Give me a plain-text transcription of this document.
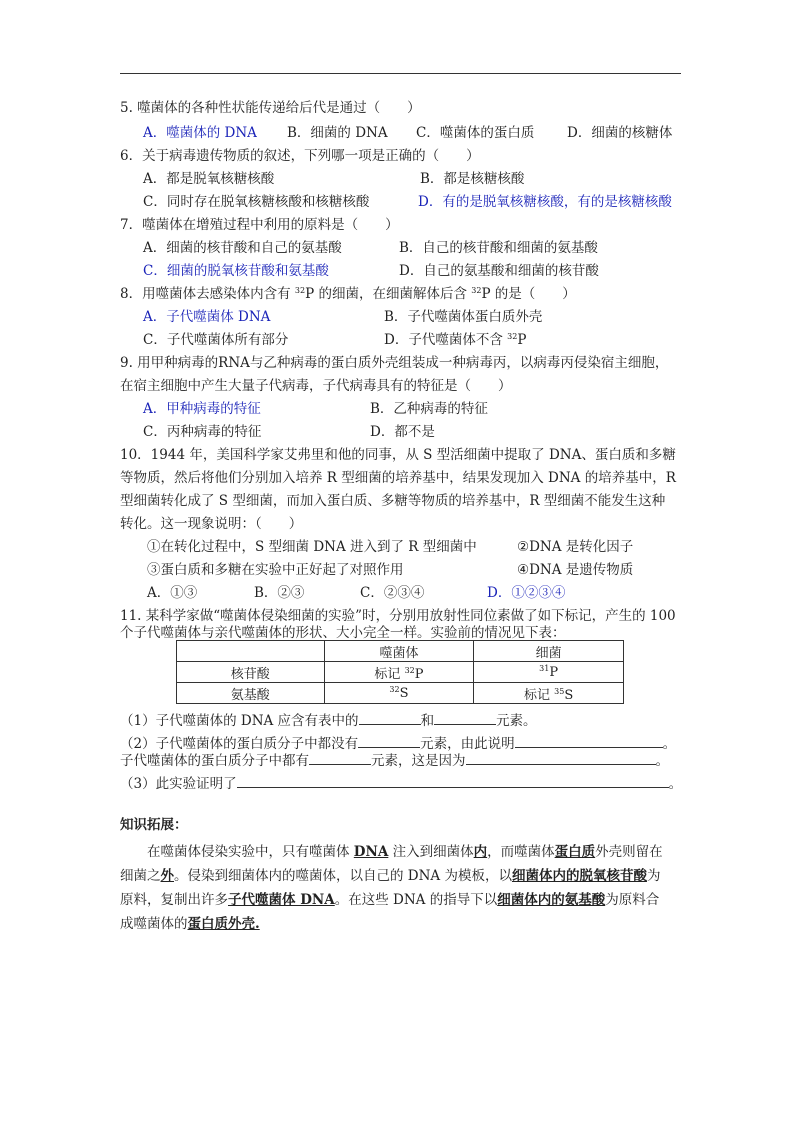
5. 噬菌体的各种性状能传递给后代是通过（　　）
A．噬菌体的 DNA B．细菌的 DNA C．噬菌体的蛋白质 D．细菌的核糖体
6．关于病毒遗传物质的叙述，下列哪一项是正确的（　　）
A．都是脱氧核糖核酸	B．都是核糖核酸
C．同时存在脱氧核糖核酸和核糖核酸	D．有的是脱氧核糖核酸，有的是核糖核酸
7．噬菌体在增殖过程中利用的原料是（　　）
A．细菌的核苷酸和自己的氨基酸	B．自己的核苷酸和细菌的氨基酸
C．细菌的脱氧核苷酸和氨基酸	D．自己的氨基酸和细菌的核苷酸
8．用噬菌体去感染体内含有 $^{32}$P 的细菌，在细菌解体后含 $^{32}$P 的是（　　）
A．子代噬菌体 DNA	B．子代噬菌体蛋白质外壳
C．子代噬菌体所有部分	D．子代噬菌体不含 $^{32}$P
9. 用甲种病毒的RNA与乙种病毒的蛋白质外壳组装成一种病毒丙，以病毒丙侵染宿主细胞，
在宿主细胞中产生大量子代病毒，子代病毒具有的特征是（　　）
A．甲种病毒的特征	B．乙种病毒的特征
C．丙种病毒的特征	D．都不是
10．1944 年，美国科学家艾弗里和他的同事，从 S 型活细菌中提取了 DNA、蛋白质和多糖
等物质，然后将他们分别加入培养 R 型细菌的培养基中，结果发现加入 DNA 的培养基中，R
型细菌转化成了 S 型细菌，而加入蛋白质、多糖等物质的培养基中，R 型细菌不能发生这种
转化。这一现象说明：（　　）
①在转化过程中，S 型细菌 DNA 进入到了 R 型细菌中	②DNA 是转化因子
③蛋白质和多糖在实验中正好起了对照作用	④DNA 是遗传物质
A．①③	B．②③	C．②③④	D．①②③④
11. 某科学家做“噬菌体侵染细菌的实验”时，分别用放射性同位素做了如下标记，产生的 100
个子代噬菌体与亲代噬菌体的形状、大小完全一样。实验前的情况见下表：
	噬菌体	细菌
核苷酸	标记 $^{32}$P	$^{31}$P
氨基酸	$^{32}$S	标记 $^{35}$S
（1）子代噬菌体的 DNA 应含有表中的	和	元素。
（2）子代噬菌体的蛋白质分子中都没有	元素，由此说明	。
子代噬菌体的蛋白质分子中都有	元素，这是因为	。
（3）此实验证明了	。
知识拓展：
在噬菌体侵染实验中，只有噬菌体 DNA 注入到细菌体内，而噬菌体蛋白质外壳则留在
细菌之外。侵染到细菌体内的噬菌体，以自己的 DNA 为模板，以细菌体内的脱氧核苷酸为
原料，复制出许多子代噬菌体 DNA。在这些 DNA 的指导下以细菌体内的氨基酸为原料合
成噬菌体的蛋白质外壳.
